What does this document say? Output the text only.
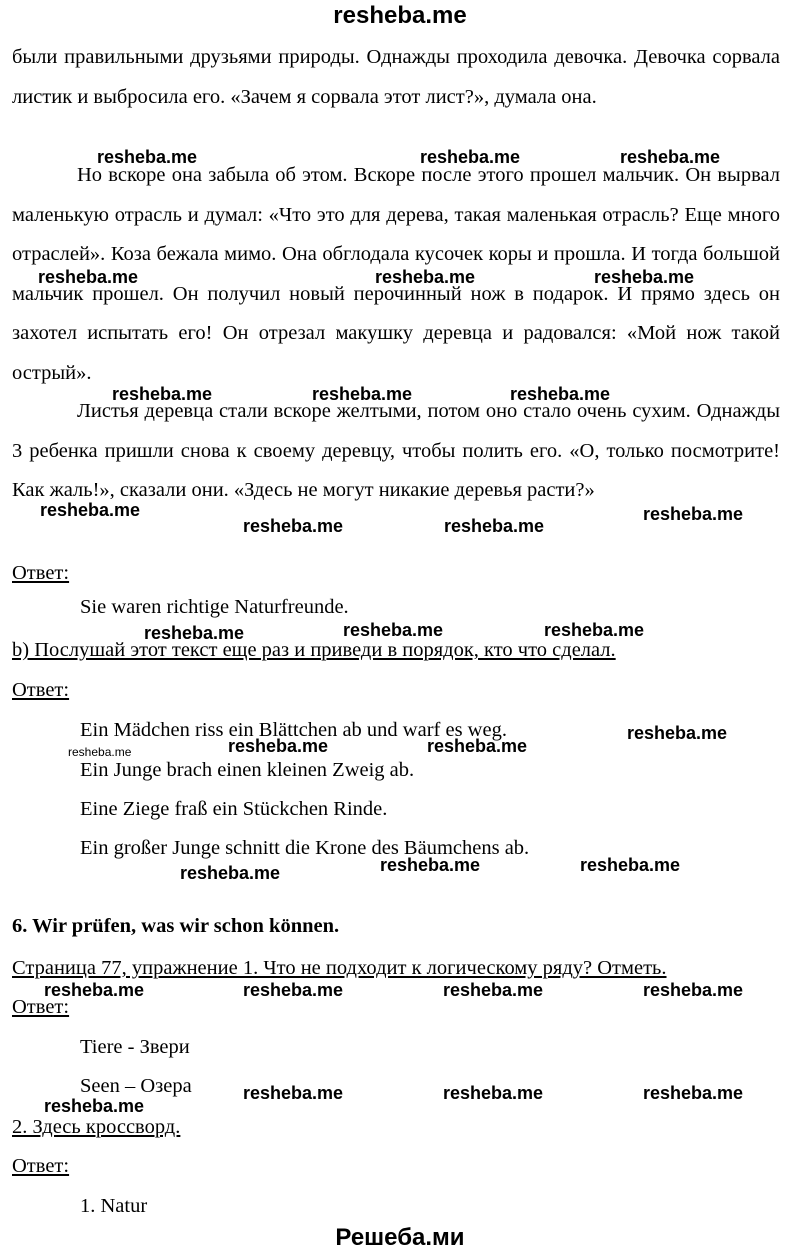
resheba.me
были правильными друзьями природы. Однажды проходила девочка. Девочка сорвала листик и выбросила его. «Зачем я сорвала этот лист?», думала она.
Но вскоре она забыла об этом. Вскоре после этого прошел мальчик. Он вырвал маленькую отрасль и думал: «Что это для дерева, такая маленькая отрасль? Еще много отраслей». Коза бежала мимо. Она обглодала кусочек коры и прошла. И тогда большой мальчик прошел. Он получил новый перочинный нож в подарок. И прямо здесь он захотел испытать его! Он отрезал макушку деревца и радовался: «Мой нож такой острый».
Листья деревца стали вскоре желтыми, потом оно стало очень сухим. Однажды 3 ребенка пришли снова к своему деревцу, чтобы полить его. «О, только посмотрите! Как жаль!», сказали они. «Здесь не могут никакие деревья расти?»
Ответ:
Sie waren richtige Naturfreunde.
b) Послушай этот текст еще раз и приведи в порядок, кто что сделал.
Ответ:
Ein Mädchen riss ein Blättchen ab und warf es weg.
Ein Junge brach einen kleinen Zweig ab.
Eine Ziege fraß ein Stückchen Rinde.
Ein großer Junge schnitt die Krone des Bäumchens ab.
6. Wir prüfen, was wir schon können.
Страница 77, упражнение 1. Что не подходит к логическому ряду? Отметь.
Ответ:
Tiere - Звери
Seen – Озера
2. Здесь кроссворд.
Ответ:
1. Natur
Решеба.ми
resheba.me	resheba.me	resheba.me
resheba.me	resheba.me	resheba.me
resheba.me	resheba.me	resheba.me
resheba.me
resheba.me	resheba.me
resheba.me
resheba.me	resheba.me	resheba.me
resheba.me	resheba.me	resheba.me
resheba.me
resheba.me	resheba.me	resheba.me
resheba.me	resheba.me	resheba.me	resheba.me
resheba.me
resheba.me	resheba.me	resheba.me
